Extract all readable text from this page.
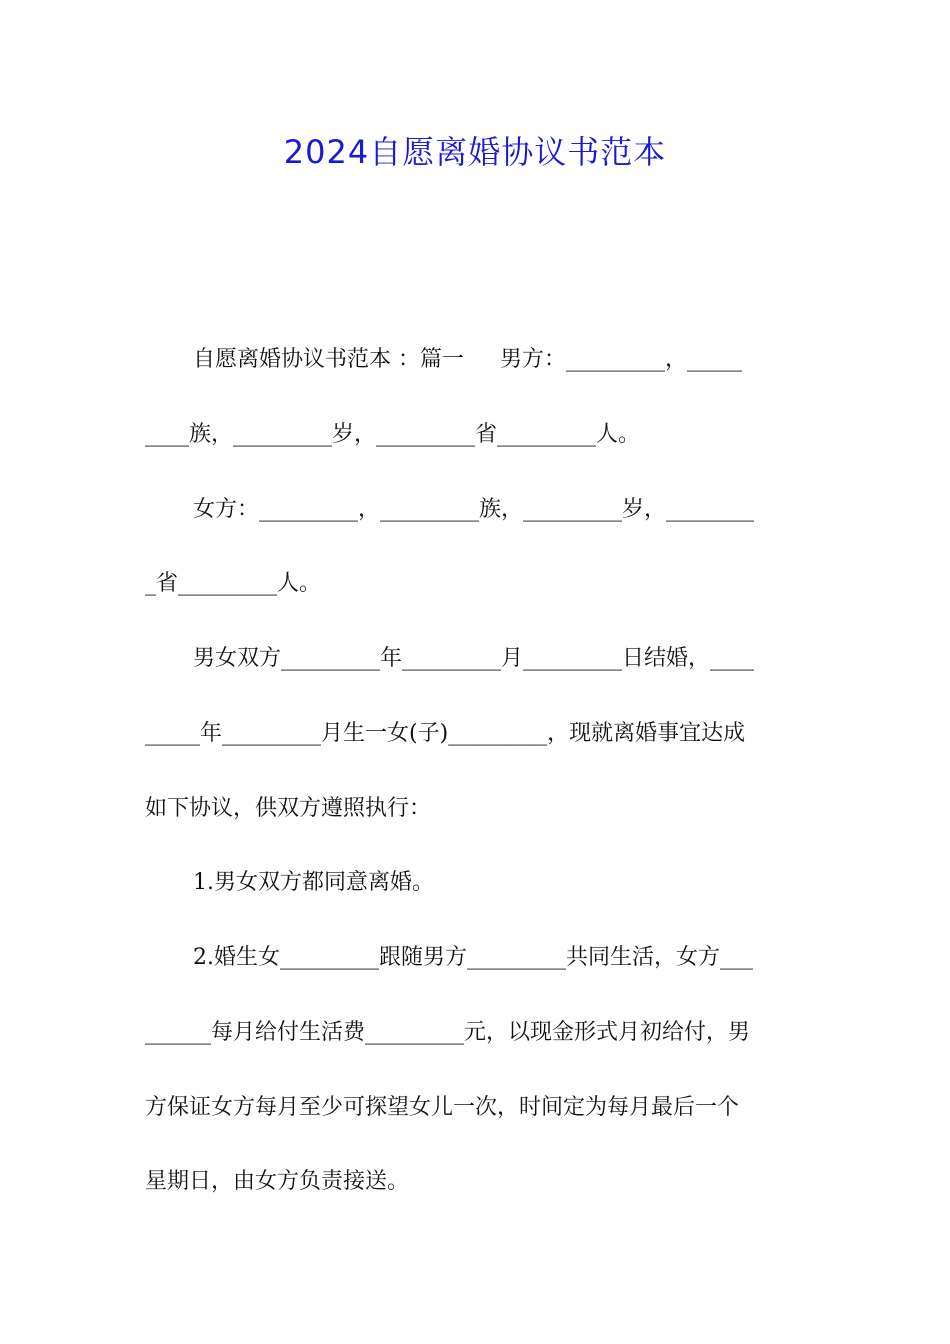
2024自愿离婚协议书范本
自愿离婚协议书范本 ：篇一 　 男方：_________，_____
____族，_________岁，_________省_________人。
女方：_________，_________族，_________岁，________
_省_________人。
男女双方_________年_________月_________日结婚，____
_____年_________月生一女(子)_________，现就离婚事宜达成
如下协议，供双方遵照执行：
1.男女双方都同意离婚。
2.婚生女_________跟随男方_________共同生活，女方___
______每月给付生活费_________元，以现金形式月初给付，男
方保证女方每月至少可探望女儿一次，时间定为每月最后一个
星期日，由女方负责接送。
